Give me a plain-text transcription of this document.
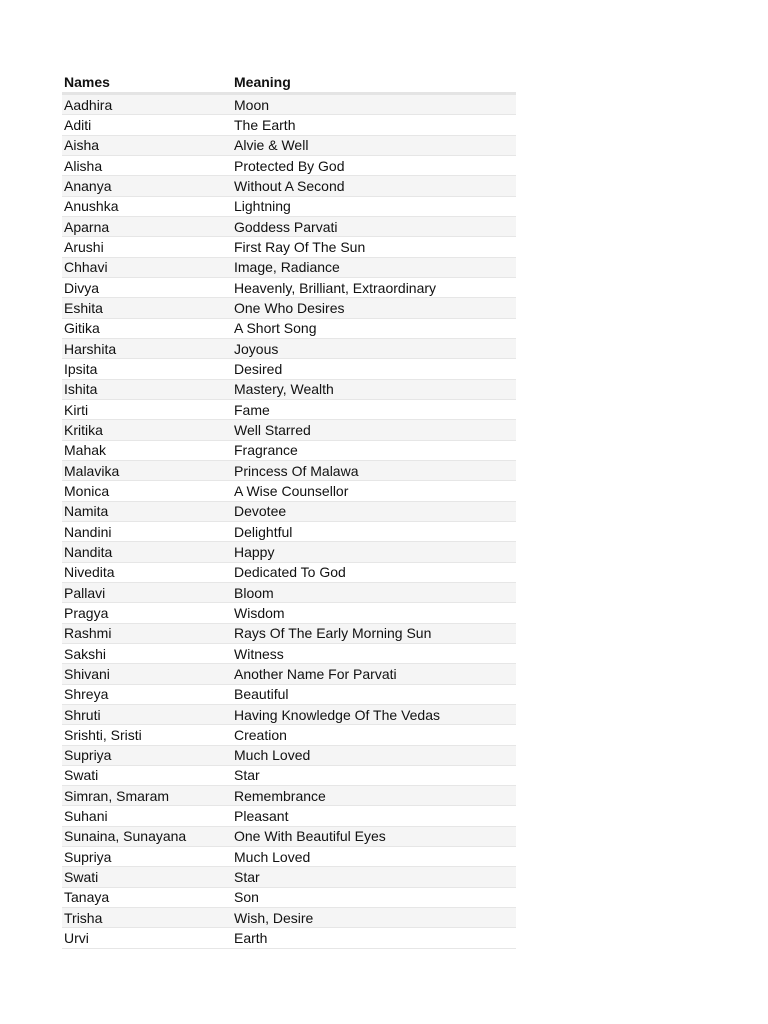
Names	Meaning
Aadhira	Moon
Aditi	The Earth
Aisha	Alvie & Well
Alisha	Protected By God
Ananya	Without A Second
Anushka	Lightning
Aparna	Goddess Parvati
Arushi	First Ray Of The Sun
Chhavi	Image, Radiance
Divya	Heavenly, Brilliant, Extraordinary
Eshita	One Who Desires
Gitika	A Short Song
Harshita	Joyous
Ipsita	Desired
Ishita	Mastery, Wealth
Kirti	Fame
Kritika	Well Starred
Mahak	Fragrance
Malavika	Princess Of Malawa
Monica	A Wise Counsellor
Namita	Devotee
Nandini	Delightful
Nandita	Happy
Nivedita	Dedicated To God
Pallavi	Bloom
Pragya	Wisdom
Rashmi	Rays Of The Early Morning Sun
Sakshi	Witness
Shivani	Another Name For Parvati
Shreya	Beautiful
Shruti	Having Knowledge Of The Vedas
Srishti, Sristi	Creation
Supriya	Much Loved
Swati	Star
Simran, Smaram	Remembrance
Suhani	Pleasant
Sunaina, Sunayana	One With Beautiful Eyes
Supriya	Much Loved
Swati	Star
Tanaya	Son
Trisha	Wish, Desire
Urvi	Earth
